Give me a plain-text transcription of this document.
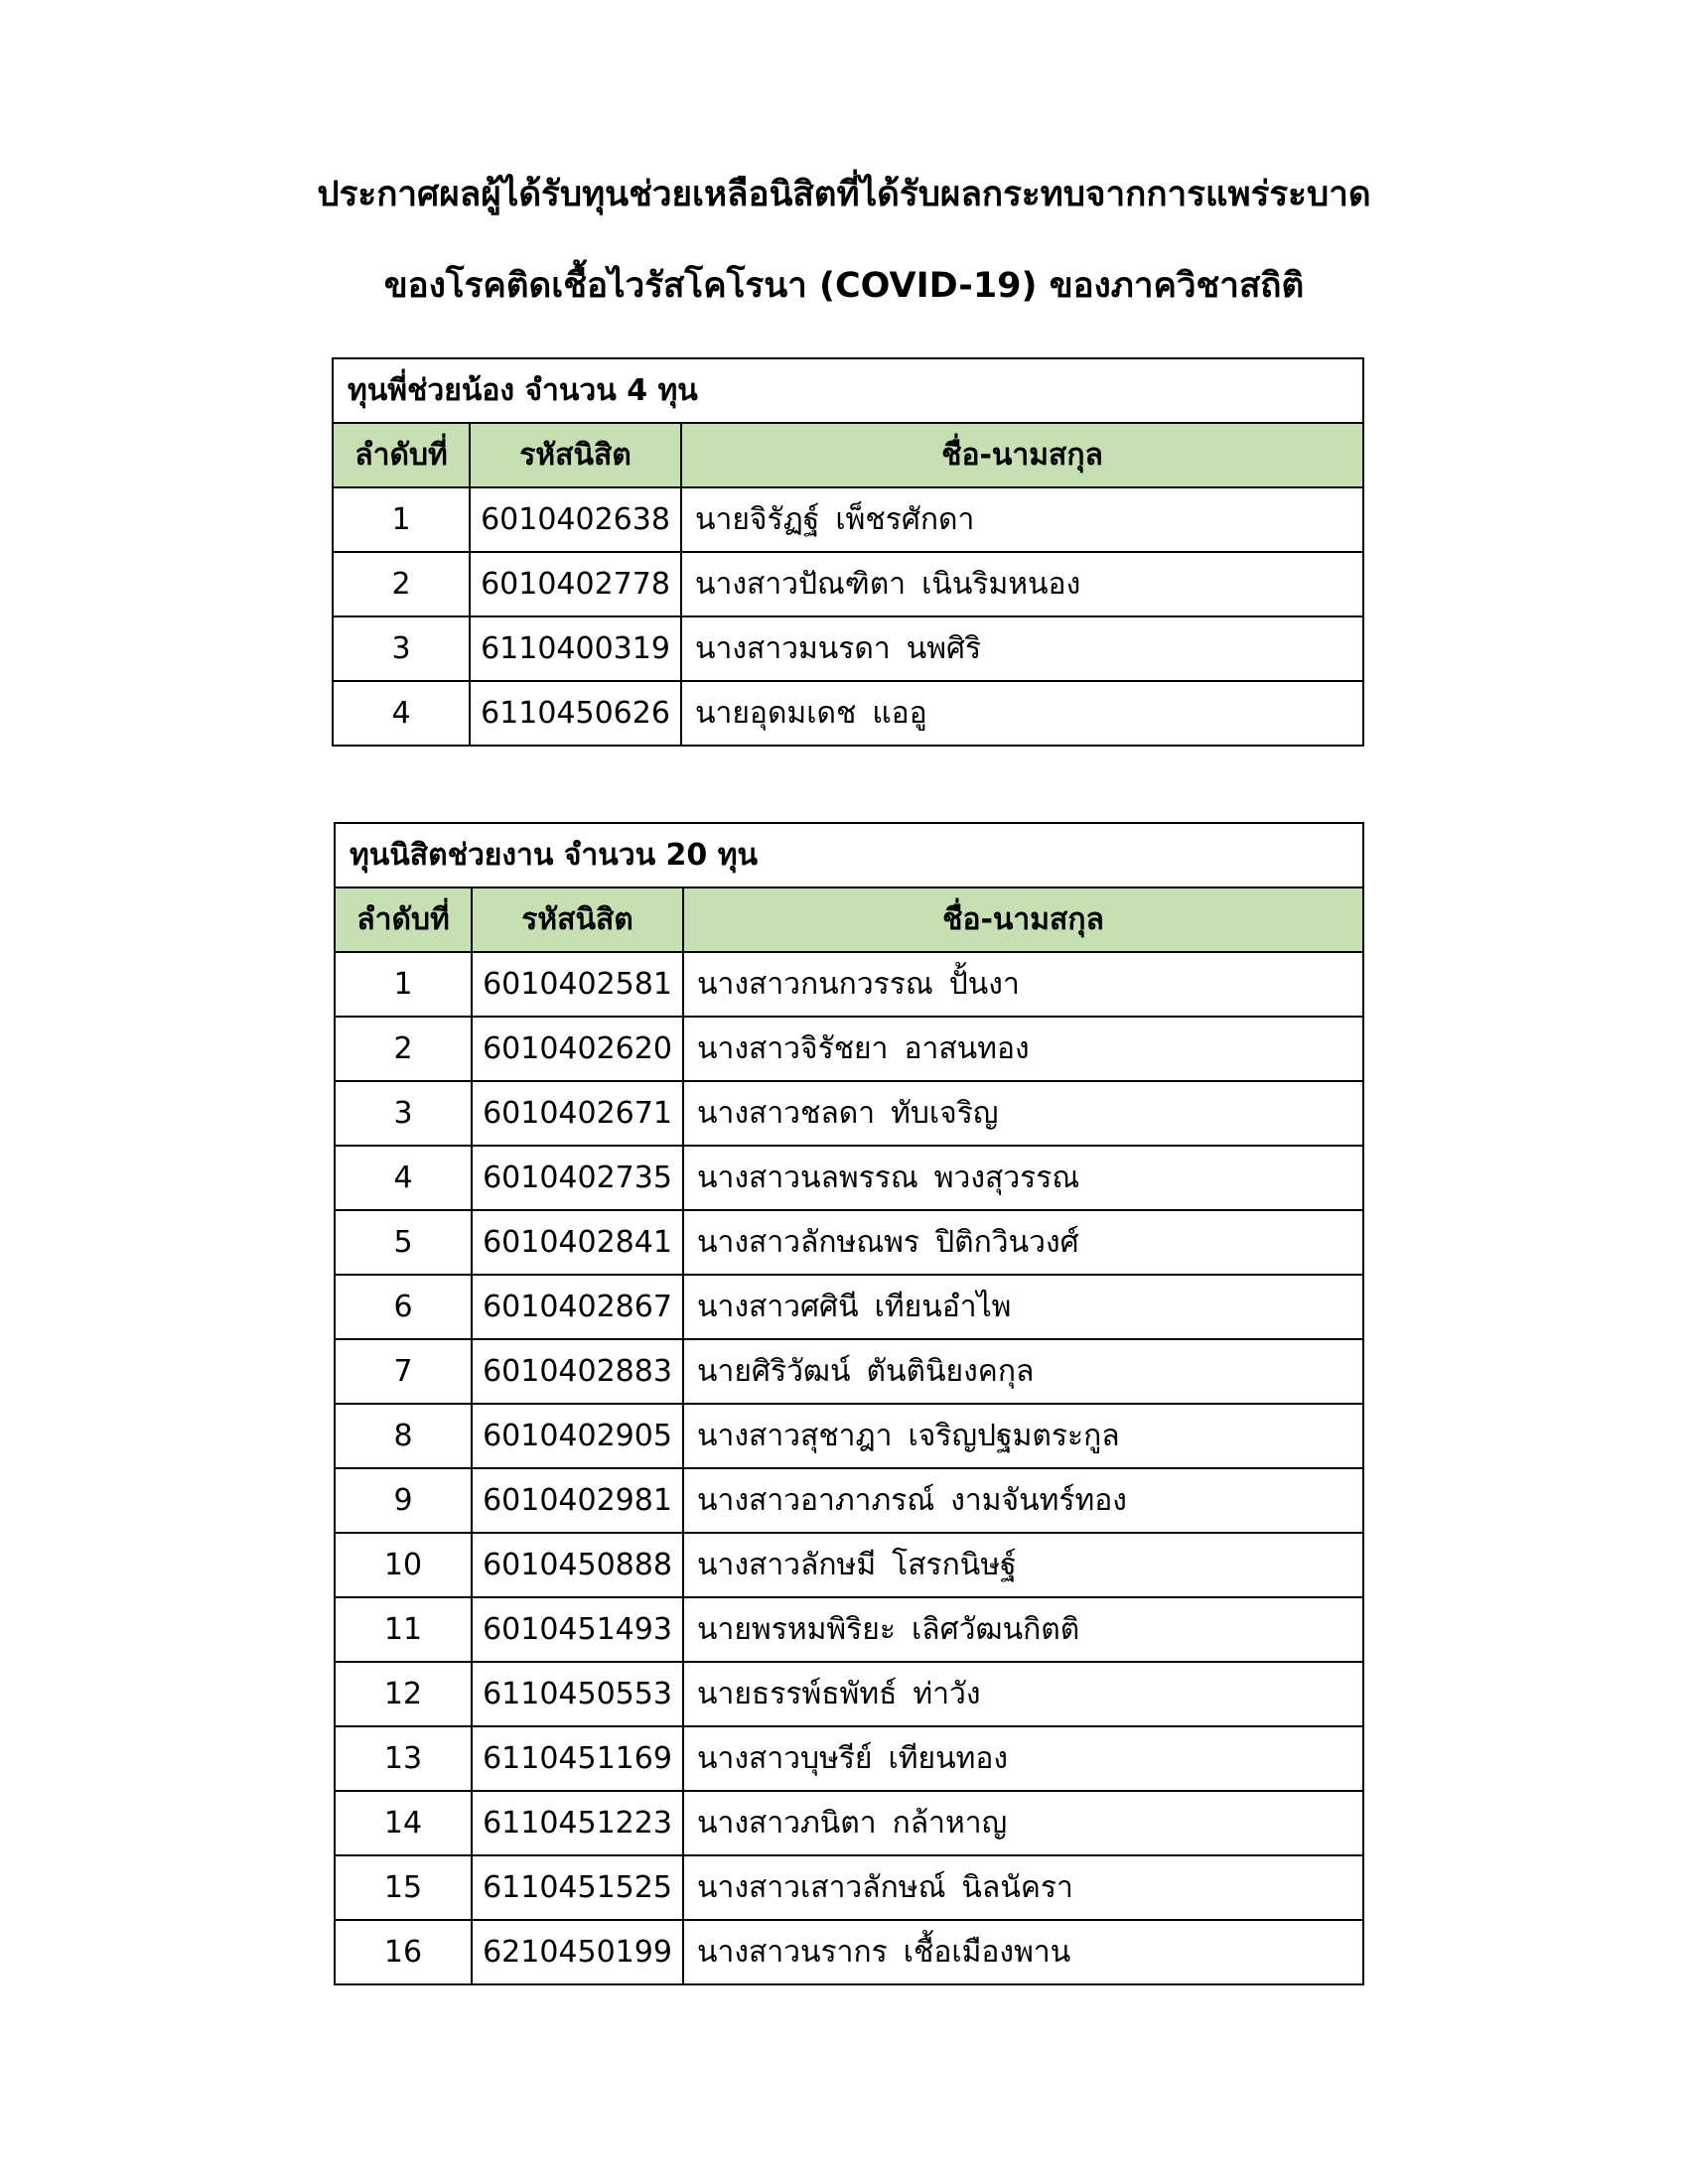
ประกาศผลผู้ได้รับทุนช่วยเหลือนิสิตที่ได้รับผลกระทบจากการแพร่ระบาด
ของโรคติดเชื้อไวรัสโคโรนา (COVID-19) ของภาควิชาสถิติ
ทุนพี่ช่วยน้อง จำนวน 4 ทุน		
ลำดับที่	รหัสนิสิต	ชื่อ-นามสกุล
1	6010402638	นายจิรัฏฐ์ เพ็ชรศักดา
2	6010402778	นางสาวปัณฑิตา เนินริมหนอง
3	6110400319	นางสาวมนรดา นพศิริ
4	6110450626	นายอุดมเดช แออู
ทุนนิสิตช่วยงาน จำนวน 20 ทุน		
ลำดับที่	รหัสนิสิต	ชื่อ-นามสกุล
1	6010402581	นางสาวกนกวรรณ ปั้นงา
2	6010402620	นางสาวจิรัชยา อาสนทอง
3	6010402671	นางสาวชลดา ทับเจริญ
4	6010402735	นางสาวนลพรรณ พวงสุวรรณ
5	6010402841	นางสาวลักษณพร ปิติกวินวงศ์
6	6010402867	นางสาวศศินี เทียนอำไพ
7	6010402883	นายศิริวัฒน์ ตันตินิยงคกุล
8	6010402905	นางสาวสุชาฎา เจริญปฐมตระกูล
9	6010402981	นางสาวอาภาภรณ์ งามจันทร์ทอง
10	6010450888	นางสาวลักษมี โสรกนิษฐ์
11	6010451493	นายพรหมพิริยะ เลิศวัฒนกิตติ
12	6110450553	นายธรรพ์ธพัทธ์ ท่าวัง
13	6110451169	นางสาวบุษรีย์ เทียนทอง
14	6110451223	นางสาวภนิตา กล้าหาญ
15	6110451525	นางสาวเสาวลักษณ์ นิลนัครา
16	6210450199	นางสาวนรากร เชื้อเมืองพาน
